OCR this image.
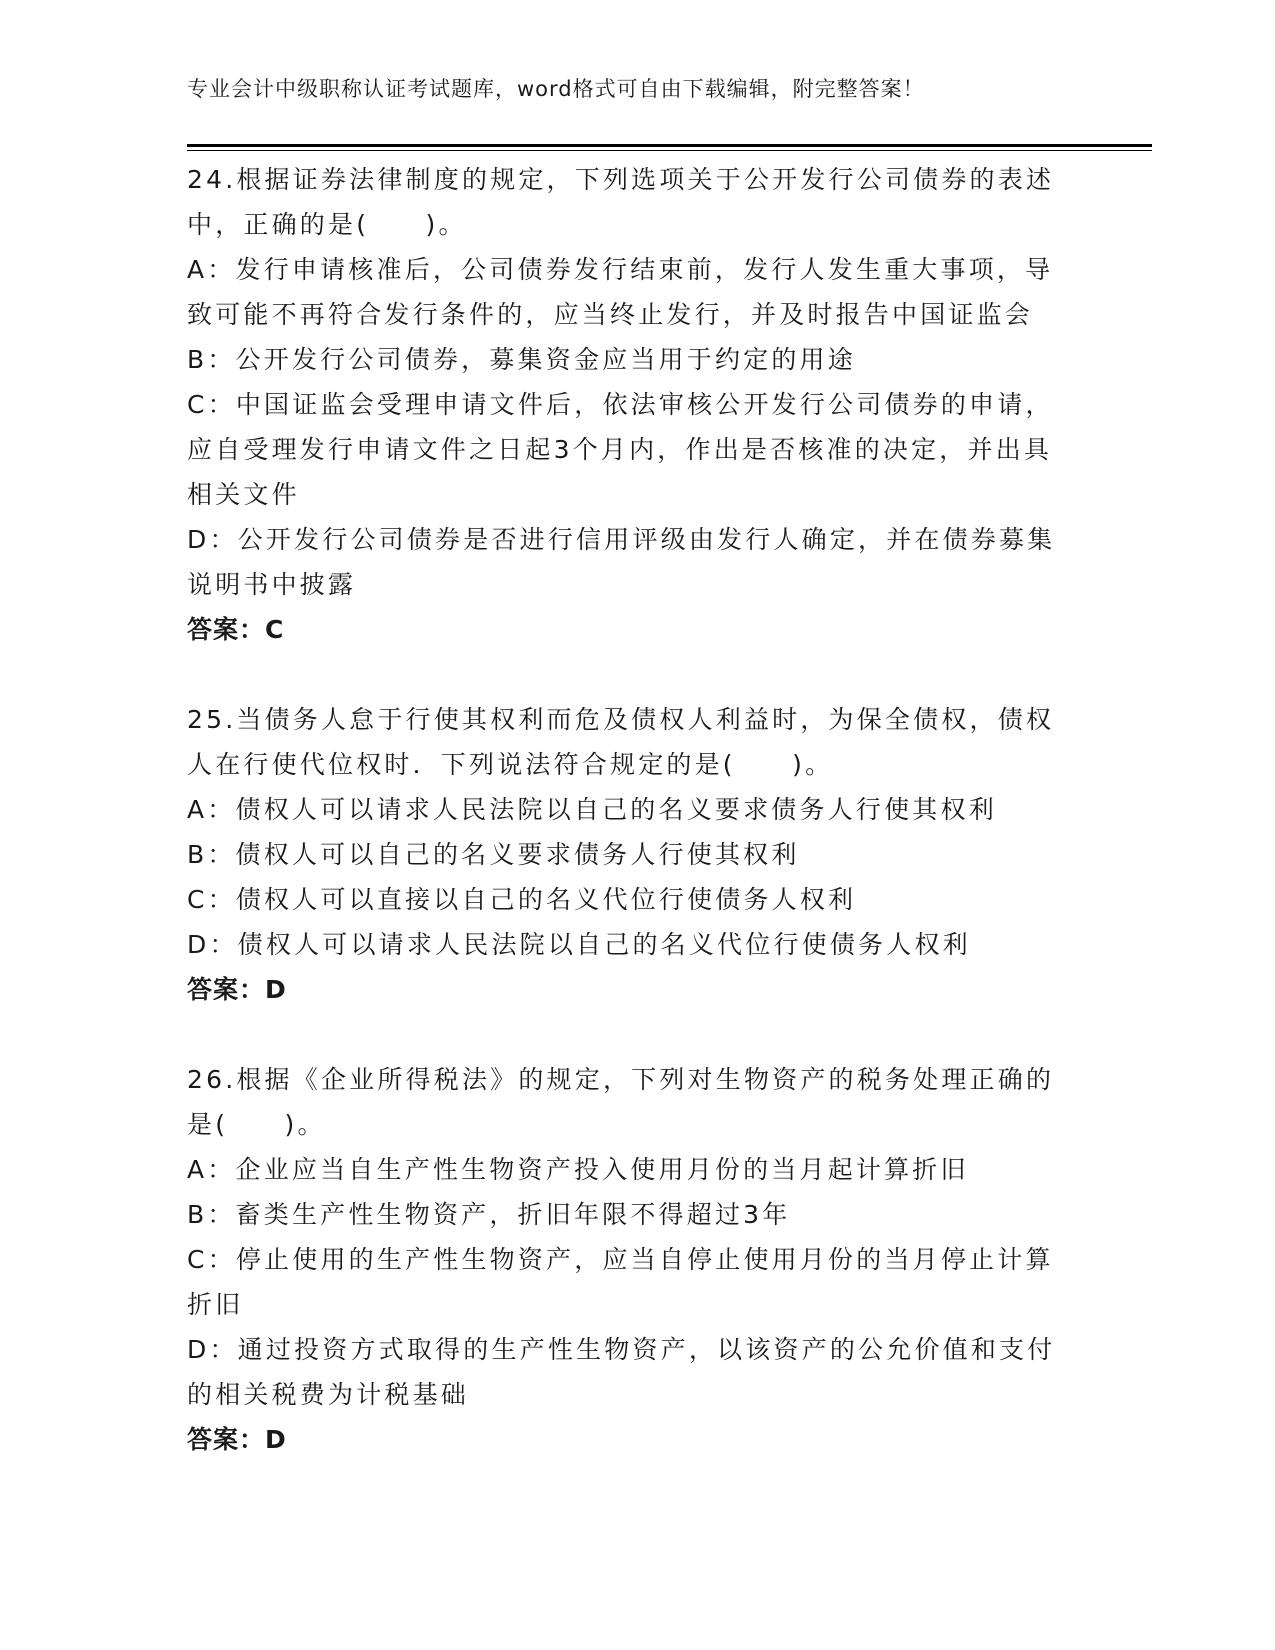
专业会计中级职称认证考试题库，word格式可自由下载编辑，附完整答案！

24.根据证券法律制度的规定，下列选项关于公开发行公司债券的表述中，正确的是(　　)。

A：发行申请核准后，公司债券发行结束前，发行人发生重大事项，导致可能不再符合发行条件的，应当终止发行，并及时报告中国证监会

B：公开发行公司债券，募集资金应当用于约定的用途

C：中国证监会受理申请文件后，依法审核公开发行公司债券的申请，应自受理发行申请文件之日起3个月内，作出是否核准的决定，并出具相关文件

D：公开发行公司债券是否进行信用评级由发行人确定，并在债券募集说明书中披露

答案：C

25.当债务人怠于行使其权利而危及债权人利益时，为保全债权，债权人在行使代位权时．下列说法符合规定的是(　　)。

A：债权人可以请求人民法院以自己的名义要求债务人行使其权利

B：债权人可以自己的名义要求债务人行使其权利

C：债权人可以直接以自己的名义代位行使债务人权利

D：债权人可以请求人民法院以自己的名义代位行使债务人权利

答案：D

26.根据《企业所得税法》的规定，下列对生物资产的税务处理正确的是(　　)。

A：企业应当自生产性生物资产投入使用月份的当月起计算折旧

B：畜类生产性生物资产，折旧年限不得超过3年

C：停止使用的生产性生物资产，应当自停止使用月份的当月停止计算折旧

D：通过投资方式取得的生产性生物资产，以该资产的公允价值和支付的相关税费为计税基础

答案：D
